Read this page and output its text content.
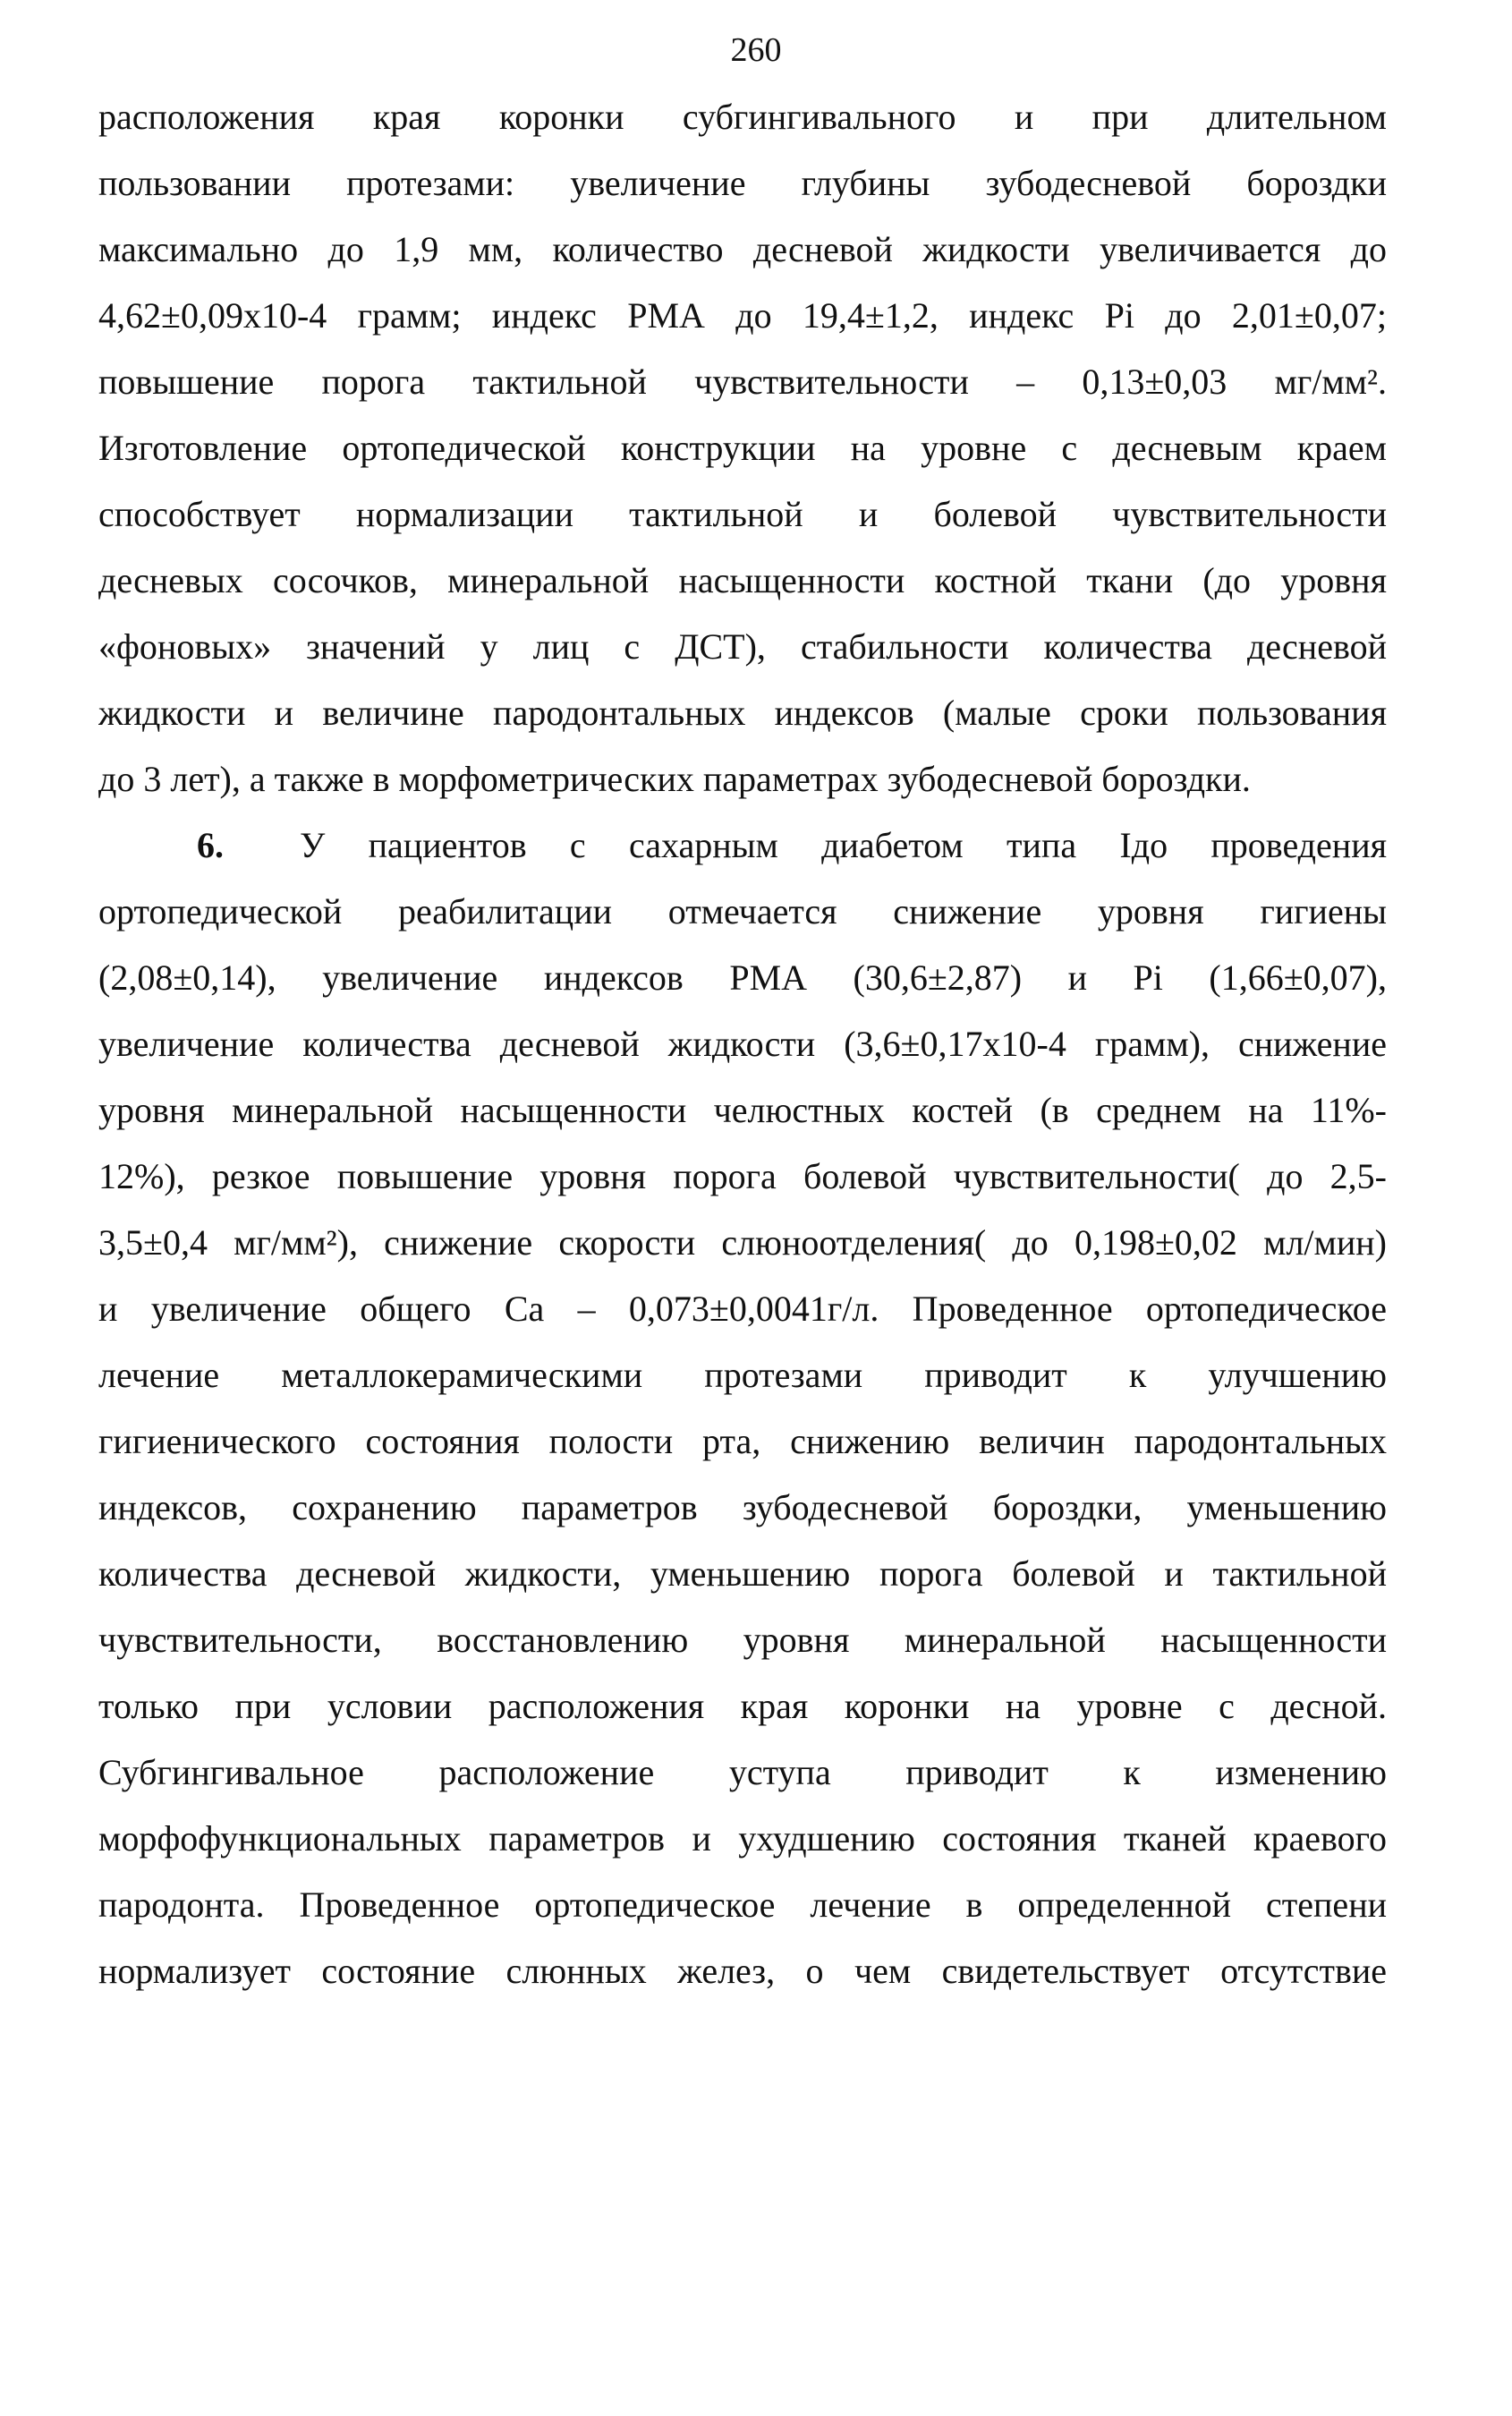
260
расположения края коронки субгингивального и при длительном
пользовании протезами: увеличение глубины зубодесневой бороздки
максимально до 1,9 мм, количество десневой жидкости увеличивается до
4,62±0,09х10-4 грамм; индекс РМА до 19,4±1,2, индекс Pi до 2,01±0,07;
повышение порога тактильной чувствительности – 0,13±0,03 мг/мм².
Изготовление ортопедической конструкции на уровне с десневым краем
способствует нормализации тактильной и болевой чувствительности
десневых сосочков, минеральной насыщенности костной ткани (до уровня
«фоновых» значений у лиц с ДСТ), стабильности количества десневой
жидкости и величине пародонтальных индексов (малые сроки пользования
до 3 лет), а также в морфометрических параметрах зубодесневой бороздки.
6.	У пациентов с сахарным диабетом типа Iдо проведения
ортопедической реабилитации отмечается снижение уровня гигиены
(2,08±0,14), увеличение индексов РМА (30,6±2,87) и Pi (1,66±0,07),
увеличение количества десневой жидкости (3,6±0,17х10-4 грамм), снижение
уровня минеральной насыщенности челюстных костей (в среднем на 11%-
12%), резкое повышение уровня порога болевой чувствительности( до 2,5-
3,5±0,4 мг/мм²), снижение скорости слюноотделения( до 0,198±0,02 мл/мин)
и увеличение общего Са – 0,073±0,0041г/л. Проведенное ортопедическое
лечение металлокерамическими протезами приводит к улучшению
гигиенического состояния полости рта, снижению величин пародонтальных
индексов, сохранению параметров зубодесневой бороздки, уменьшению
количества десневой жидкости, уменьшению порога болевой и тактильной
чувствительности, восстановлению уровня минеральной насыщенности
только при условии расположения края коронки на уровне с десной.
Субгингивальное расположение уступа приводит к изменению
морфофункциональных параметров и ухудшению состояния тканей краевого
пародонта. Проведенное ортопедическое лечение в определенной степени
нормализует состояние слюнных желез, о чем свидетельствует отсутствие
